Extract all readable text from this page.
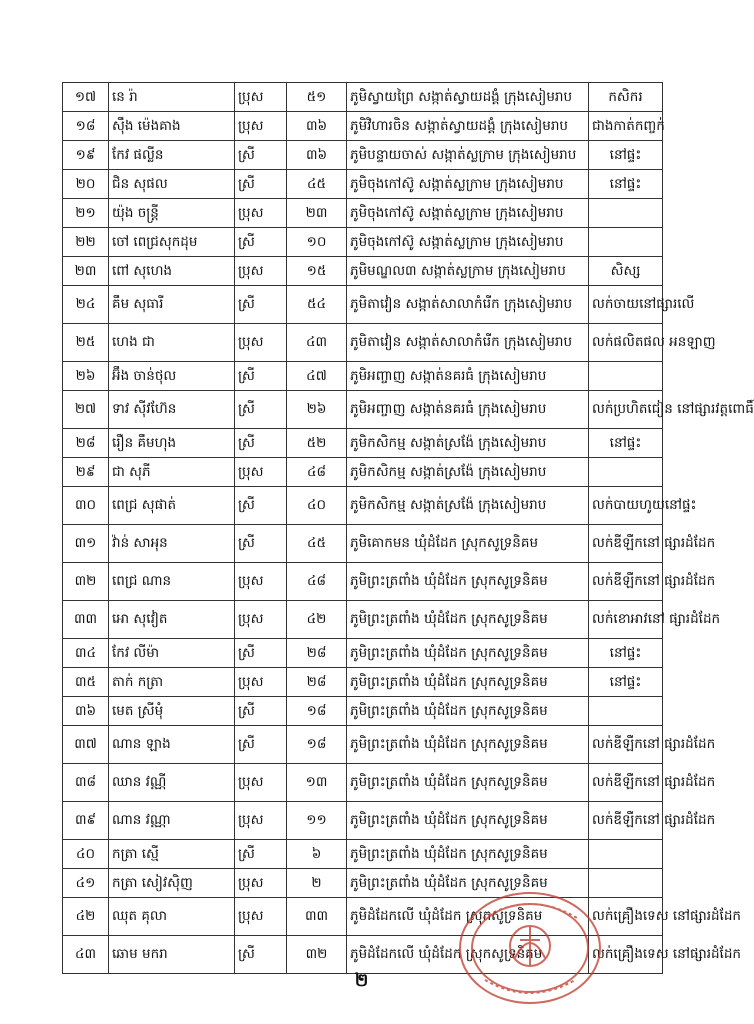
១៧	នេ រ៉ា	ប្រុស	៥១	ភូមិស្វាយព្រៃ សង្កាត់ស្វាយដង្គំ ក្រុងសៀមរាប	កសិករ
១៨	ស៊ឹង ម៉េងគាង	ប្រុស	៣៦	ភូមិវិហារចិន សង្កាត់ស្វាយដង្គំ ក្រុងសៀមរាប	ជាងកាត់កញ្ចក់
១៩	កែវ ផល្លីន	ស្រី	៣៦	ភូមិបន្ទាយចាស់ សង្កាត់ស្លក្រាម ក្រុងសៀមរាប	នៅផ្ទះ
២០	ជិន សុផល	ស្រី	៤៥	ភូមិចុងកៅស៊ូ សង្កាត់ស្លក្រាម ក្រុងសៀមរាប	នៅផ្ទះ
២១	យ៉ុង ចន្ត្រី	ប្រុស	២៣	ភូមិចុងកៅស៊ូ សង្កាត់ស្លក្រាម ក្រុងសៀមរាប	
២២	ចៅ ពេជ្រសុកដុម	ស្រី	១០	ភូមិចុងកៅស៊ូ សង្កាត់ស្លក្រាម ក្រុងសៀមរាប	
២៣	ពៅ សុហេង	ប្រុស	១៥	ភូមិមណ្ឌល៣ សង្កាត់ស្លក្រាម ក្រុងសៀមរាប	សិស្ស
២៤	គឹម សុធារី	ស្រី	៥៤	ភូមិតាវៀន សង្កាត់សាលាកំរើក ក្រុងសៀមរាប	លក់ចាយនៅផ្សារលើ
២៥	ហេង ជា	ប្រុស	៤៣	ភូមិតាវៀន សង្កាត់សាលាកំរើក ក្រុងសៀមរាប	លក់ផលិតផល អនឡាញ
២៦	អ៊ឹង ចាន់ថុល	ស្រី	៤៧	ភូមិអញ្ចាញ សង្កាត់នគរធំ ក្រុងសៀមរាប	
២៧	ទាវ ស៊ីវហ៊ែន	ស្រី	២៦	ភូមិអញ្ចាញ សង្កាត់នគរធំ ក្រុងសៀមរាប	លក់ប្រហិតជៀន នៅផ្សារវត្តពោធិ៍
២៨	រឿន គឹមហុង	ស្រី	៥២	ភូមិកសិកម្ម សង្កាត់ស្រង៉ែ ក្រុងសៀមរាប	នៅផ្ទះ
២៩	ជា សុភី	ប្រុស	៤៨	ភូមិកសិកម្ម សង្កាត់ស្រង៉ែ ក្រុងសៀមរាប	
៣០	ពេជ្រ សុផាត់	ស្រី	៤០	ភូមិកសិកម្ម សង្កាត់ស្រង៉ែ ក្រុងសៀមរាប	លក់បាយហូយនៅផ្ទះ
៣១	វ៉ាន់ សាអុន	ស្រី	៤៥	ភូមិគោកមន ឃុំដំដែក ស្រុកសូទ្រនិគម	លក់ឌីឡឺកនៅ ផ្សារដំដែក
៣២	ពេជ្រ ណាន	ប្រុស	៤៨	ភូមិព្រះត្រពាំង ឃុំដំដែក ស្រុកសូទ្រនិគម	លក់ឌីឡឺកនៅ ផ្សារដំដែក
៣៣	អោ សុវៀត	ប្រុស	៤២	ភូមិព្រះត្រពាំង ឃុំដំដែក ស្រុកសូទ្រនិគម	លក់ខោអាវនៅ ផ្សារដំដែក
៣៤	កែវ លីម៉ា	ស្រី	២៨	ភូមិព្រះត្រពាំង ឃុំដំដែក ស្រុកសូទ្រនិគម	នៅផ្ទះ
៣៥	តាក់ កត្រា	ប្រុស	២៨	ភូមិព្រះត្រពាំង ឃុំដំដែក ស្រុកសូទ្រនិគម	នៅផ្ទះ
៣៦	មេត ស្រីមុំ	ស្រី	១៨	ភូមិព្រះត្រពាំង ឃុំដំដែក ស្រុកសូទ្រនិគម	
៣៧	ណាន ឡាង	ស្រី	១៨	ភូមិព្រះត្រពាំង ឃុំដំដែក ស្រុកសូទ្រនិគម	លក់ឌីឡឺកនៅ ផ្សារដំដែក
៣៨	ឈាន វណ្ណី	ប្រុស	១៣	ភូមិព្រះត្រពាំង ឃុំដំដែក ស្រុកសូទ្រនិគម	លក់ឌីឡឺកនៅ ផ្សារដំដែក
៣៩	ណាន វណ្ណា	ប្រុស	១១	ភូមិព្រះត្រពាំង ឃុំដំដែក ស្រុកសូទ្រនិគម	លក់ឌីឡឺកនៅ ផ្សារដំដែក
៤០	កត្រា ស្មើ	ស្រី	៦	ភូមិព្រះត្រពាំង ឃុំដំដែក ស្រុកសូទ្រនិគម	
៤១	កត្រា សៀវស៊ិញ	ប្រុស	២	ភូមិព្រះត្រពាំង ឃុំដំដែក ស្រុកសូទ្រនិគម	
៤២	ឈុត គុលា	ប្រុស	៣៣	ភូមិដំដែកលើ ឃុំដំដែក ស្រុកសូទ្រនិគម	លក់គ្រឿងទេស នៅផ្សារដំដែក
៤៣	ឆោម មករា	ស្រី	៣២	ភូមិដំដែកលើ ឃុំដំដែក ស្រុកសូទ្រនិគម	លក់គ្រឿងទេស នៅផ្សារដំដែក
២
